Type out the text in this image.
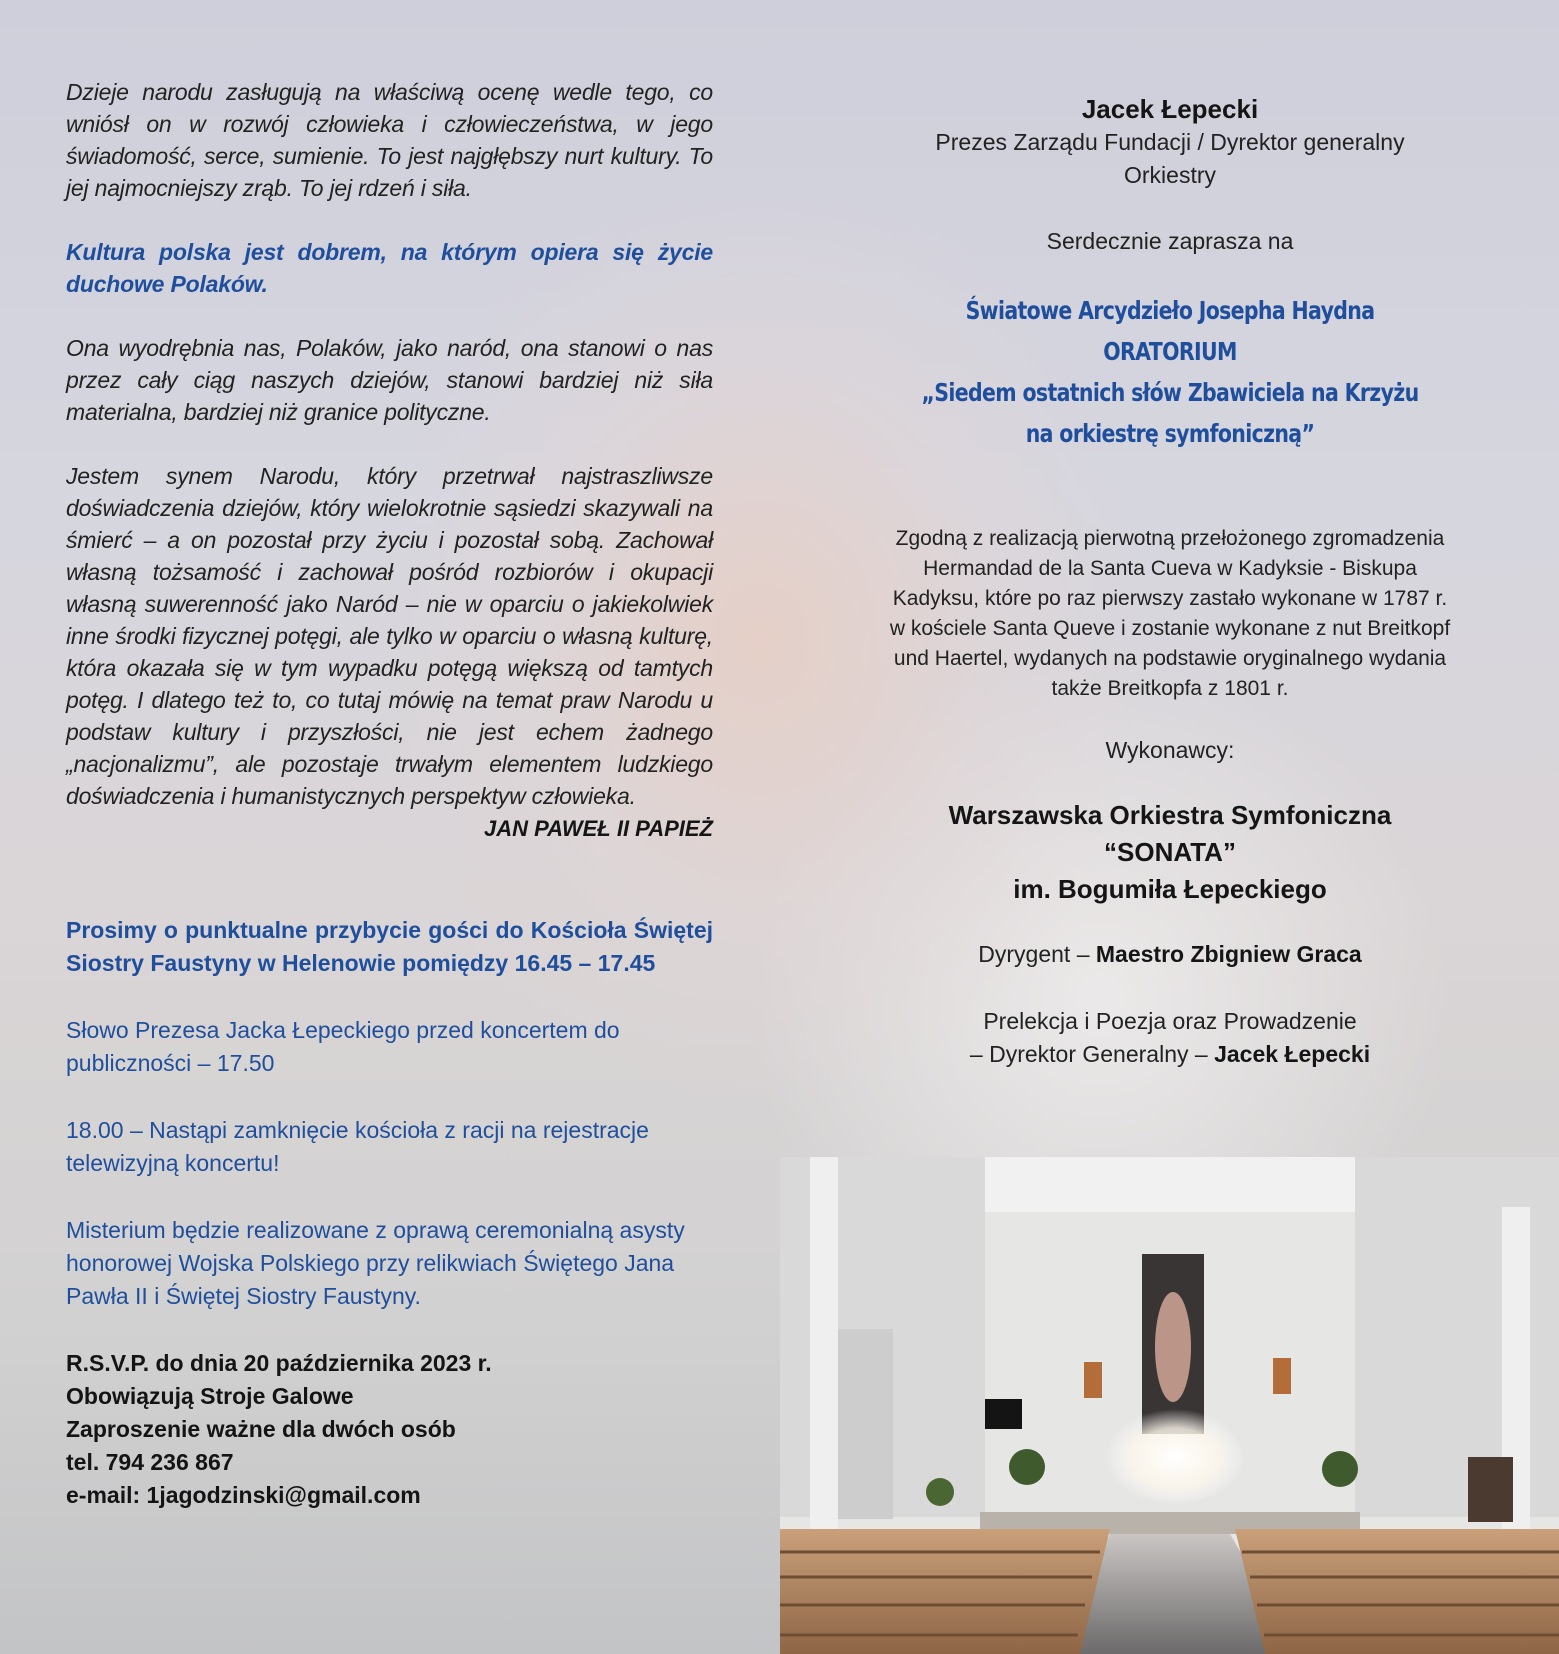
Dzieje narodu zasługują na właściwą ocenę wedle tego, co wniósł on w rozwój człowieka i człowieczeństwa, w jego świadomość, serce, sumienie. To jest najgłębszy nurt kultury. To jej najmocniejszy zrąb. To jej rdzeń i siła.

Kultura polska jest dobrem, na którym opiera się życie duchowe Polaków.

Ona wyodrębnia nas, Polaków, jako naród, ona stanowi o nas przez cały ciąg naszych dziejów, stanowi bardziej niż siła materialna, bardziej niż granice polityczne.

Jestem synem Narodu, który przetrwał najstraszliwsze doświadczenia dziejów, który wielokrotnie sąsiedzi skazywali na śmierć – a on pozostał przy życiu i pozostał sobą. Zachował własną tożsamość i zachował pośród rozbiorów i okupacji własną suwerenność jako Naród – nie w oparciu o jakiekolwiek inne środki fizycznej potęgi, ale tylko w oparciu o własną kulturę, która okazała się w tym wypadku potęgą większą od tamtych potęg. I dlatego też to, co tutaj mówię na temat praw Narodu u podstaw kultury i przyszłości, nie jest echem żadnego „nacjonalizmu”, ale pozostaje trwałym elementem ludzkiego doświadczenia i humanistycznych perspektyw człowieka.

JAN PAWEŁ II PAPIEŻ

Prosimy o punktualne przybycie gości do Kościoła Świętej Siostry Faustyny w Helenowie pomiędzy 16.45 – 17.45

Słowo Prezesa Jacka Łepeckiego przed koncertem do publiczności – 17.50

18.00 – Nastąpi zamknięcie kościoła z racji na rejestracje telewizyjną koncertu!

Misterium będzie realizowane z oprawą ceremonialną asysty honorowej Wojska Polskiego przy relikwiach Świętego Jana Pawła II i Świętej Siostry Faustyny.

R.S.V.P. do dnia 20 października 2023 r.
Obowiązują Stroje Galowe
Zaproszenie ważne dla dwóch osób
tel. 794 236 867
e-mail: 1jagodzinski@gmail.com
Jacek Łepecki
Prezes Zarządu Fundacji / Dyrektor generalny
Orkiestry
Serdecznie zaprasza na
Światowe Arcydzieło Josepha Haydna
ORATORIUM
„Siedem ostatnich słów Zbawiciela na Krzyżu
na orkiestrę symfoniczną”

Zgodną z realizacją pierwotną przełożonego zgromadzenia

Hermandad de la Santa Cueva w Kadyksie - Biskupa

Kadyksu, które po raz pierwszy zastało wykonane w 1787 r.

w kościele Santa Queve i zostanie wykonane z nut Breitkopf

und Haertel, wydanych na podstawie oryginalnego wydania

także Breitkopfa z 1801 r.

Wykonawcy:
Warszawska Orkiestra Symfoniczna
“SONATA”
im. Bogumiła Łepeckiego
Dyrygent – Maestro Zbigniew Graca
Prelekcja i Poezja oraz Prowadzenie
– Dyrektor Generalny – Jacek Łepecki
